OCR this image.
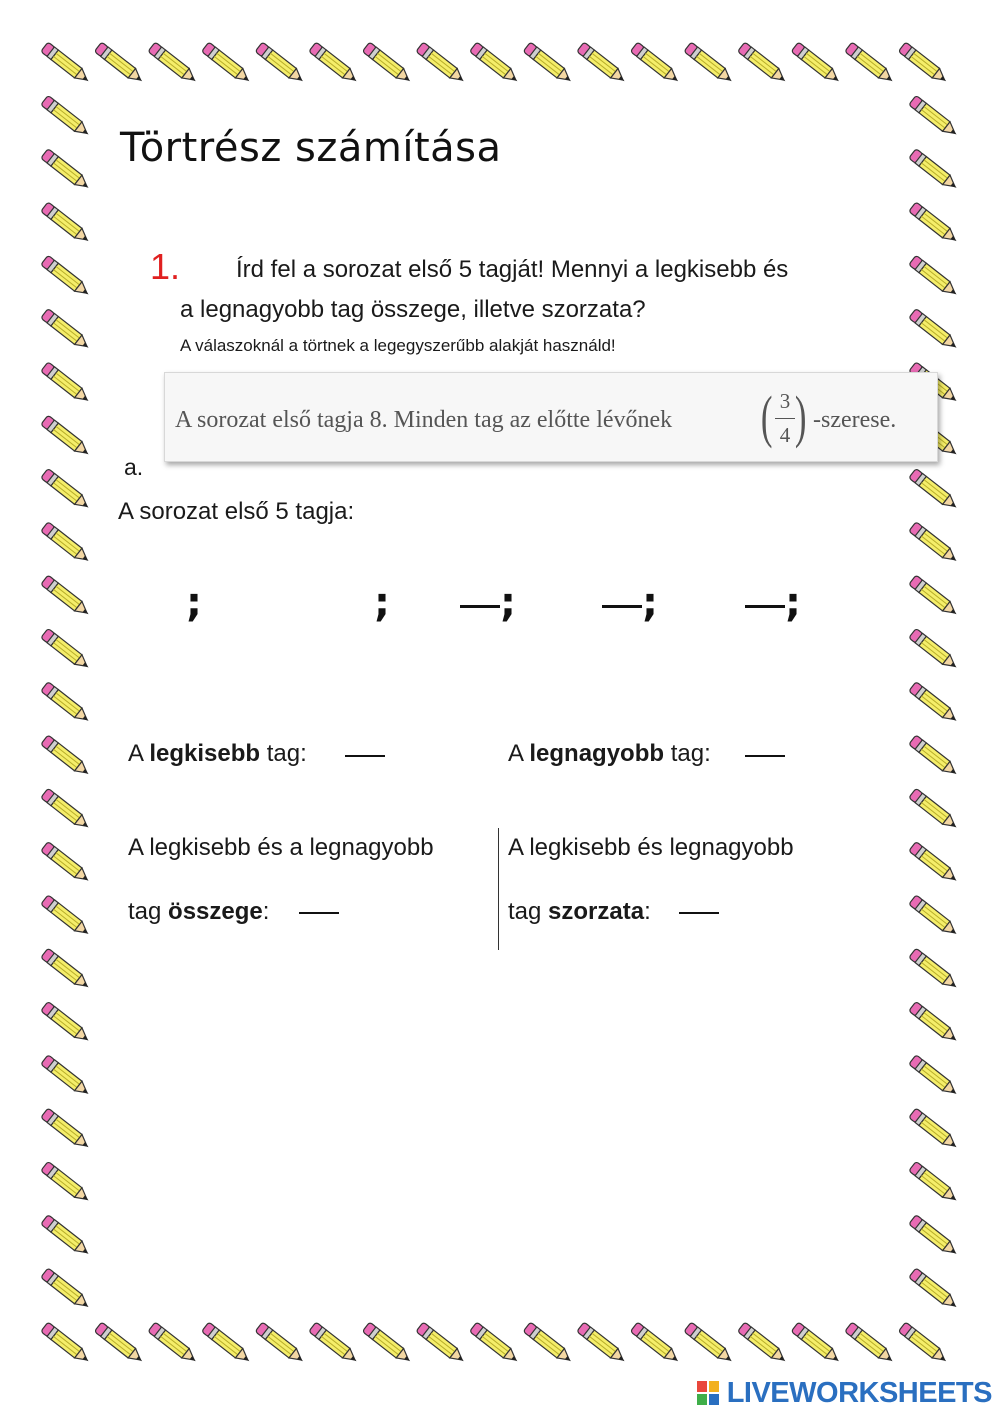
Törtrész számítása
1. Írd fel a sorozat első 5 tagját! Mennyi a legkisebb és
a legnagyobb tag összege, illetve szorzata?
A válaszoknál a törtnek a legegyszerűbb alakját használd!
A sorozat első tagja 8. Minden tag az előtte lévőnek ( 3
4 ) -szerese.
a.
A sorozat első 5 tagja:
;	;	;	;	;
A legkisebb tag:	A legnagyobb tag:
A legkisebb és a legnagyobb
tag összege:
A legkisebb és legnagyobb
tag szorzata:
LIVEWORKSHEETS
